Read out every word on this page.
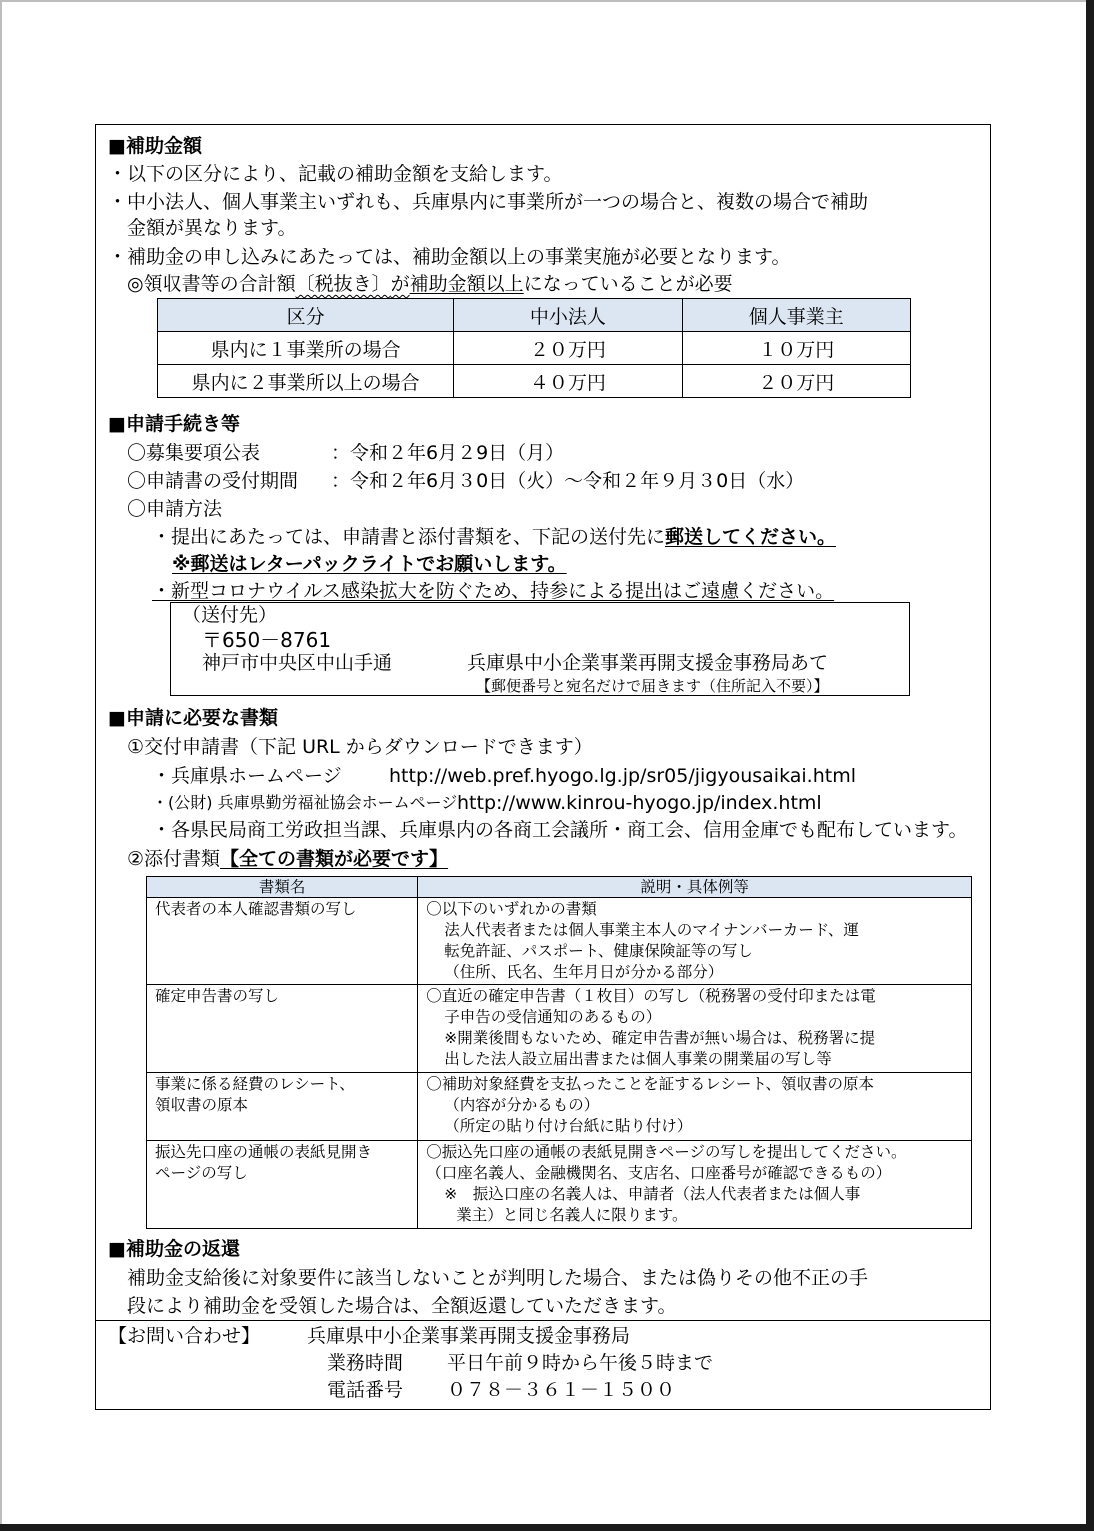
■補助金額
・以下の区分により、記載の補助金額を支給します。
・中小法人、個人事業主いずれも、兵庫県内に事業所が一つの場合と、複数の場合で補助
金額が異なります。
・補助金の申し込みにあたっては、補助金額以上の事業実施が必要となります。
◎領収書等の合計額〔税抜き〕が補助金額以上になっていることが必要
区分	中小法人	個人事業主
県内に１事業所の場合	２０万円	１０万円
県内に２事業所以上の場合	４０万円	２０万円
■申請手続き等
〇募集要項公表	：令和２年6月２9日（月）
〇申請書の受付期間 ：令和２年6月３0日（火）～令和２年９月３0日（水）
〇申請方法
・提出にあたっては、申請書と添付書類を、下記の送付先に郵送してください。
※郵送はレターパックライトでお願いします。
・新型コロナウイルス感染拡大を防ぐため、持参による提出はご遠慮ください。
（送付先）
〒650－8761
神戸市中央区中山手通	兵庫県中小企業事業再開支援金事務局あて
【郵便番号と宛名だけで届きます（住所記入不要）】
■申請に必要な書類
①交付申請書（下記 URL からダウンロードできます）
・兵庫県ホームページ http://web.pref.hyogo.lg.jp/sr05/jigyousaikai.html
・(公財) 兵庫県勤労福祉協会ホームページ http://www.kinrou-hyogo.jp/index.html
・各県民局商工労政担当課、兵庫県内の各商工会議所・商工会、信用金庫でも配布しています。
②添付書類【全ての書類が必要です】
書類名	説明・具体例等
代表者の本人確認書類の写し	〇以下のいずれかの書類
法人代表者または個人事業主本人のマイナンバーカード、運
転免許証、パスポート、健康保険証等の写し
（住所、氏名、生年月日が分かる部分）

確定申告書の写し	〇直近の確定申告書（１枚目）の写し（税務署の受付印または電
子申告の受信通知のあるもの）
※開業後間もないため、確定申告書が無い場合は、税務署に提
出した法人設立届出書または個人事業の開業届の写し等

事業に係る経費のレシート、
領収書の原本	〇補助対象経費を支払ったことを証するレシート、領収書の原本
（内容が分かるもの）
（所定の貼り付け台紙に貼り付け）

振込先口座の通帳の表紙見開き
ページの写し	〇振込先口座の通帳の表紙見開きページの写しを提出してください。
（口座名義人、金融機関名、支店名、口座番号が確認できるもの）
※　振込口座の名義人は、申請者（法人代表者または個人事
業主）と同じ名義人に限ります。
■補助金の返還
補助金支給後に対象要件に該当しないことが判明した場合、または偽りその他不正の手
段により補助金を受領した場合は、全額返還していただきます。
【お問い合わせ】 兵庫県中小企業事業再開支援金事務局
業務時間 平日午前９時から午後５時まで
電話番号 ０７８－３６１－１５００
